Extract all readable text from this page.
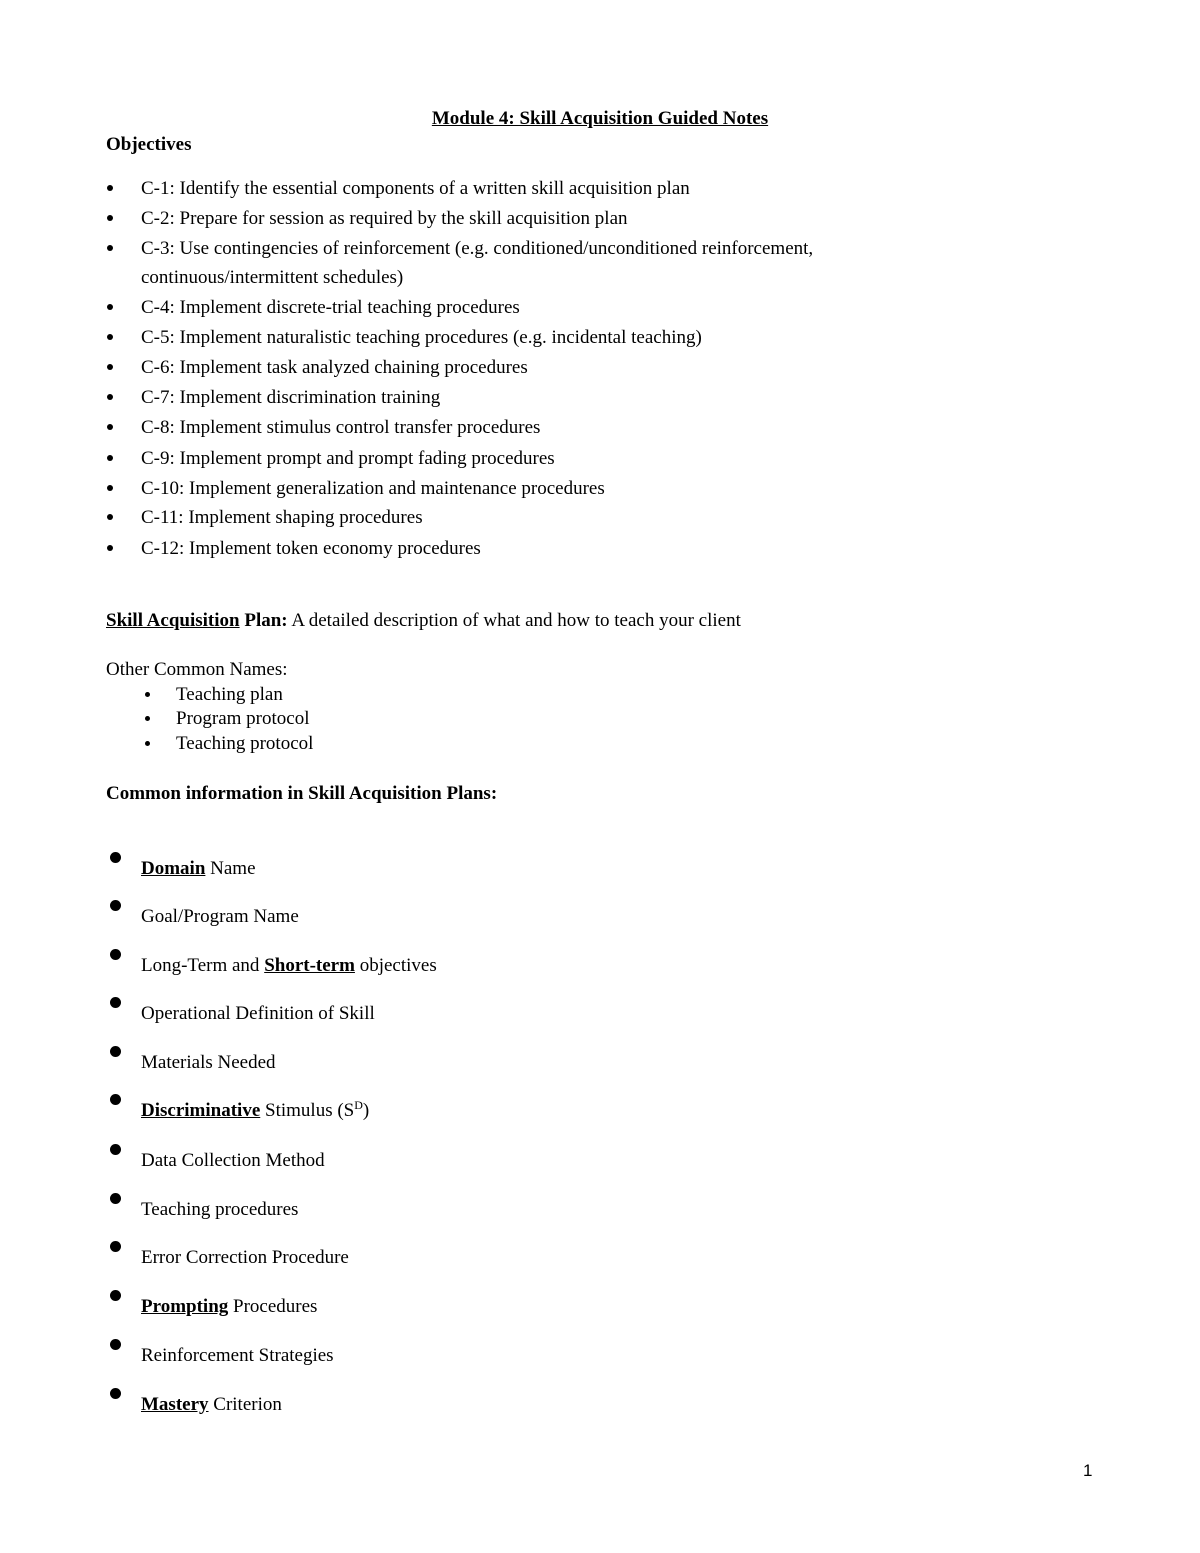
Module 4: Skill Acquisition Guided Notes
Objectives
C-1: Identify the essential components of a written skill acquisition plan
C-2: Prepare for session as required by the skill acquisition plan
C-3: Use contingencies of reinforcement (e.g. conditioned/unconditioned reinforcement,
continuous/intermittent schedules)
C-4: Implement discrete-trial teaching procedures
C-5: Implement naturalistic teaching procedures (e.g. incidental teaching)
C-6: Implement task analyzed chaining procedures
C-7: Implement discrimination training
C-8: Implement stimulus control transfer procedures
C-9: Implement prompt and prompt fading procedures
C-10: Implement generalization and maintenance procedures
C-11: Implement shaping procedures
C-12: Implement token economy procedures
Skill Acquisition Plan: A detailed description of what and how to teach your client
Other Common Names:
Teaching plan
Program protocol
Teaching protocol
Common information in Skill Acquisition Plans:
Domain Name
Goal/Program Name
Long-Term and Short-term objectives
Operational Definition of Skill
Materials Needed
Discriminative Stimulus $(S^D)$
Data Collection Method
Teaching procedures
Error Correction Procedure
Prompting Procedures
Reinforcement Strategies
Mastery Criterion
1
